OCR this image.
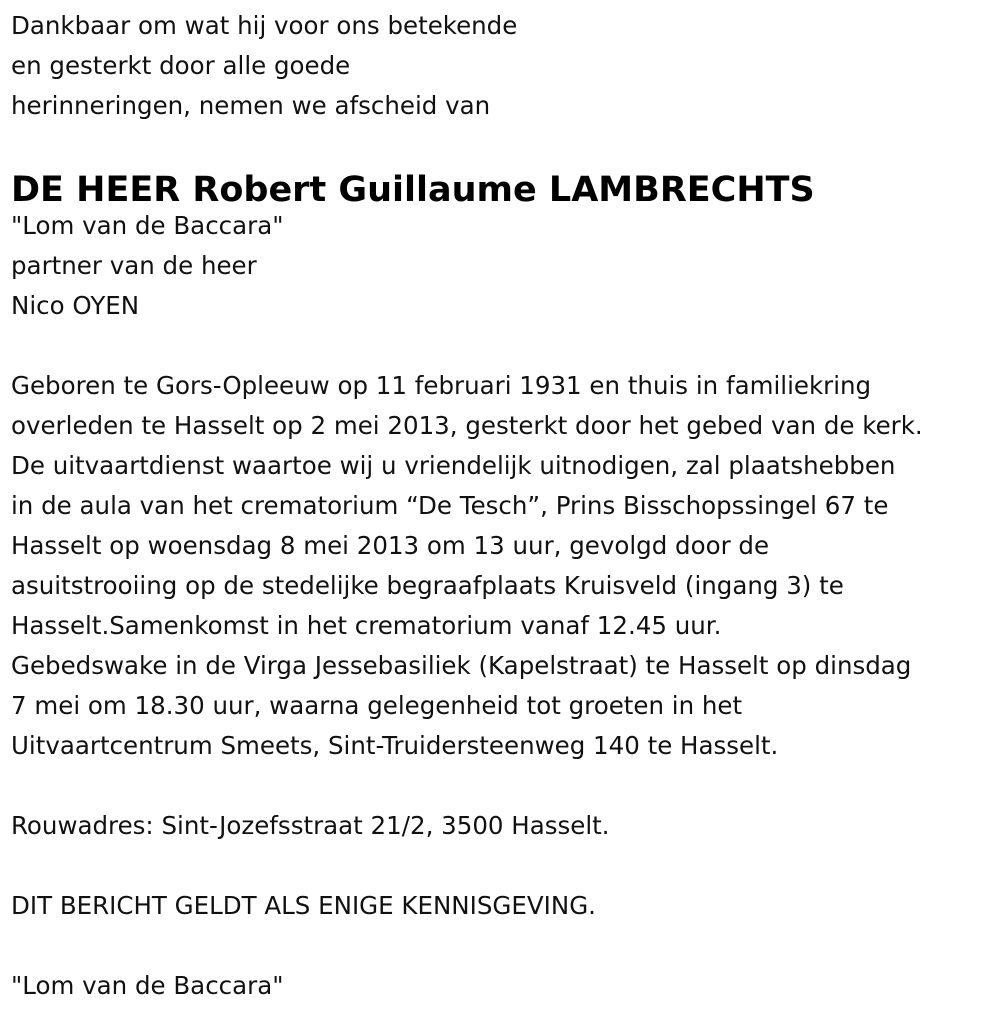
Dankbaar om wat hij voor ons betekende
en gesterkt door alle goede
herinneringen, nemen we afscheid van
DE HEER Robert Guillaume LAMBRECHTS
"Lom van de Baccara"
partner van de heer
Nico OYEN
Geboren te Gors-Opleeuw op 11 februari 1931 en thuis in familiekring
overleden te Hasselt op 2 mei 2013, gesterkt door het gebed van de kerk.
De uitvaartdienst waartoe wij u vriendelijk uitnodigen, zal plaatshebben
in de aula van het crematorium “De Tesch”, Prins Bisschopssingel 67 te
Hasselt op woensdag 8 mei 2013 om 13 uur, gevolgd door de
asuitstrooiing op de stedelijke begraafplaats Kruisveld (ingang 3) te
Hasselt.Samenkomst in het crematorium vanaf 12.45 uur.
Gebedswake in de Virga Jessebasiliek (Kapelstraat) te Hasselt op dinsdag
7 mei om 18.30 uur, waarna gelegenheid tot groeten in het
Uitvaartcentrum Smeets, Sint-Truidersteenweg 140 te Hasselt.
Rouwadres: Sint-Jozefsstraat 21/2, 3500 Hasselt.
DIT BERICHT GELDT ALS ENIGE KENNISGEVING.
"Lom van de Baccara"
